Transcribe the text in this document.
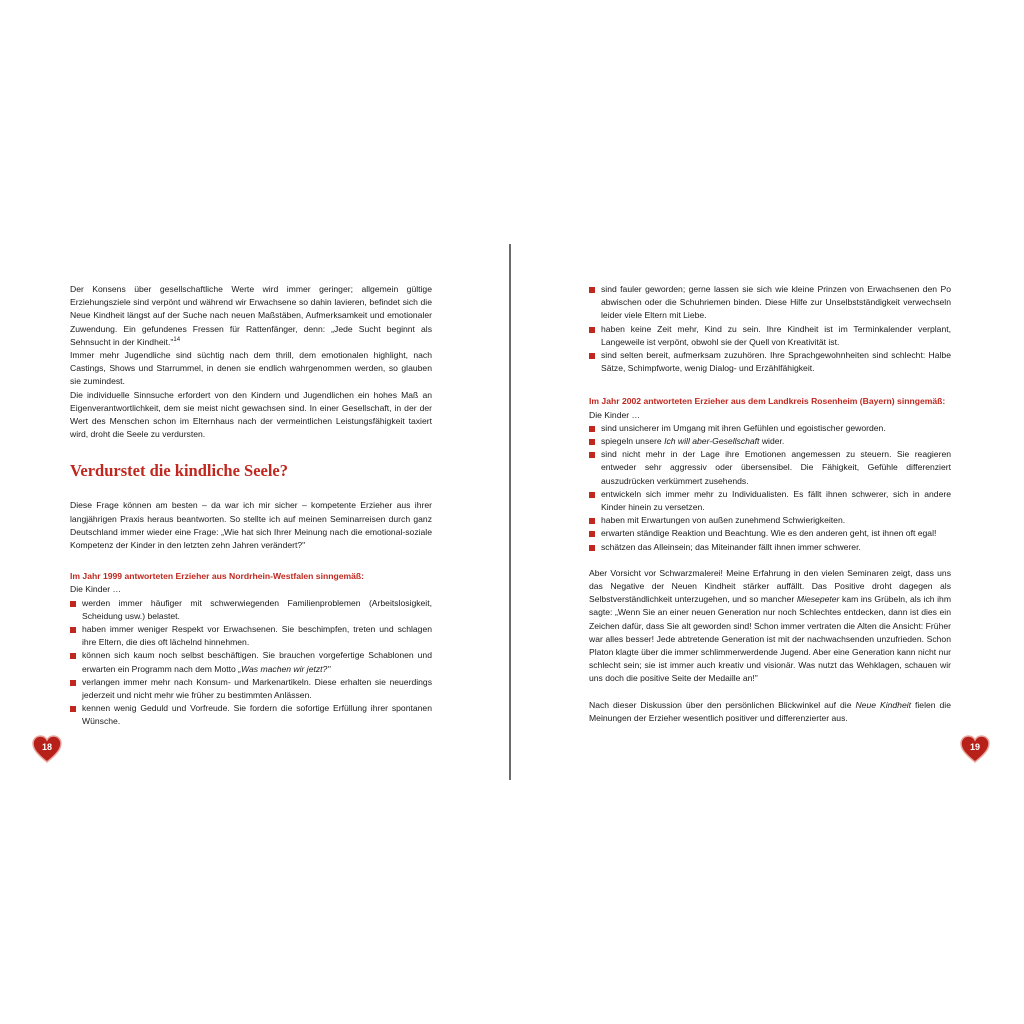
Der Konsens über gesellschaftliche Werte wird immer geringer; allgemein gültige Erziehungsziele sind verpönt und während wir Erwachsene so dahin lavieren, befindet sich die Neue Kindheit längst auf der Suche nach neuen Maßstäben, Aufmerksamkeit und emotionaler Zuwendung. Ein gefundenes Fressen für Rattenfänger, denn: „Jede Sucht beginnt als Sehnsucht in der Kindheit."$^{14}$

Immer mehr Jugendliche sind süchtig nach dem thrill, dem emotionalen highlight, nach Castings, Shows und Starrummel, in denen sie endlich wahrgenommen werden, so glauben sie zumindest.

Die individuelle Sinnsuche erfordert von den Kindern und Jugendlichen ein hohes Maß an Eigenverantwortlichkeit, dem sie meist nicht gewachsen sind. In einer Gesellschaft, in der der Wert des Menschen schon im Elternhaus nach der vermeintlichen Leistungsfähigkeit taxiert wird, droht die Seele zu verdursten.

Verdurstet die kindliche Seele?

Diese Frage können am besten – da war ich mir sicher – kompetente Erzieher aus ihrer langjährigen Praxis heraus beantworten. So stellte ich auf meinen Seminarreisen durch ganz Deutschland immer wieder eine Frage: „Wie hat sich Ihrer Meinung nach die emotional-soziale Kompetenz der Kinder in den letzten zehn Jahren verändert?"

Im Jahr 1999 antworteten Erzieher aus Nordrhein-Westfalen sinngemäß:

Die Kinder …

werden immer häufiger mit schwerwiegenden Familienproblemen (Arbeitslosigkeit, Scheidung usw.) belastet.
haben immer weniger Respekt vor Erwachsenen. Sie beschimpfen, treten und schlagen ihre Eltern, die dies oft lächelnd hinnehmen.
können sich kaum noch selbst beschäftigen. Sie brauchen vorgefertige Schablonen und erwarten ein Programm nach dem Motto „Was machen wir jetzt?"
verlangen immer mehr nach Konsum- und Markenartikeln. Diese erhalten sie neuerdings jederzeit und nicht mehr wie früher zu bestimmten Anlässen.
kennen wenig Geduld und Vorfreude. Sie fordern die sofortige Erfüllung ihrer spontanen Wünsche.
sind fauler geworden; gerne lassen sie sich wie kleine Prinzen von Erwachsenen den Po abwischen oder die Schuhriemen binden. Diese Hilfe zur Unselbstständigkeit verwechseln leider viele Eltern mit Liebe.
haben keine Zeit mehr, Kind zu sein. Ihre Kindheit ist im Terminkalender verplant, Langeweile ist verpönt, obwohl sie der Quell von Kreativität ist.
sind selten bereit, aufmerksam zuzuhören. Ihre Sprachgewohnheiten sind schlecht: Halbe Sätze, Schimpfworte, wenig Dialog- und Erzählfähigkeit.
Im Jahr 2002 antworteten Erzieher aus dem Landkreis Rosenheim (Bayern) sinngemäß:

Die Kinder …

sind unsicherer im Umgang mit ihren Gefühlen und egoistischer geworden.
spiegeln unsere Ich will aber-Gesellschaft wider.
sind nicht mehr in der Lage ihre Emotionen angemessen zu steuern. Sie reagieren entweder sehr aggressiv oder übersensibel. Die Fähigkeit, Gefühle differenziert auszudrücken verkümmert zusehends.
entwickeln sich immer mehr zu Individualisten. Es fällt ihnen schwerer, sich in andere Kinder hinein zu versetzen.
haben mit Erwartungen von außen zunehmend Schwierigkeiten.
erwarten ständige Reaktion und Beachtung. Wie es den anderen geht, ist ihnen oft egal!
schätzen das Alleinsein; das Miteinander fällt ihnen immer schwerer.

Aber Vorsicht vor Schwarzmalerei! Meine Erfahrung in den vielen Seminaren zeigt, dass uns das Negative der Neuen Kindheit stärker auffällt. Das Positive droht dagegen als Selbstverständlichkeit unterzugehen, und so mancher Miesepeter kam ins Grübeln, als ich ihm sagte: „Wenn Sie an einer neuen Generation nur noch Schlechtes entdecken, dann ist dies ein Zeichen dafür, dass Sie alt geworden sind! Schon immer vertraten die Alten die Ansicht: Früher war alles besser! Jede abtretende Generation ist mit der nachwachsenden unzufrieden. Schon Platon klagte über die immer schlimmerwerdende Jugend. Aber eine Generation kann nicht nur schlecht sein; sie ist immer auch kreativ und visionär. Was nutzt das Wehklagen, schauen wir uns doch die positive Seite der Medaille an!"

Nach dieser Diskussion über den persönlichen Blickwinkel auf die Neue Kindheit fielen die Meinungen der Erzieher wesentlich positiver und differenzierter aus.

18	19
